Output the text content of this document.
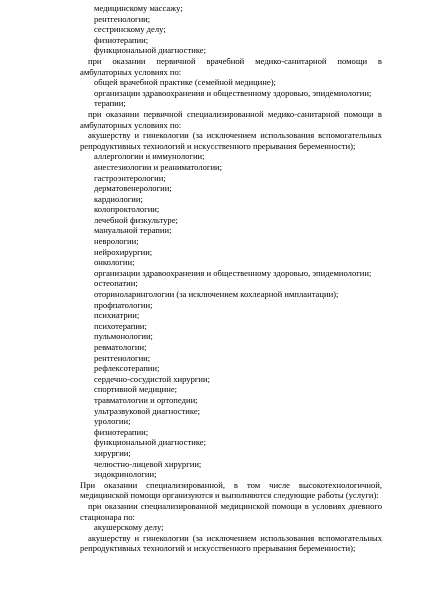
медицинскому массажу;
рентгенологии;
сестринскому делу;
физиотерапии;
функциональной диагностике;
при оказании первичной врачебной медико-санитарной помощи в амбулаторных условиях по:
общей врачебной практике (семейной медицине);
организации здравоохранения и общественному здоровью, эпидемиологии;
терапии;
при оказании первичной специализированной медико-санитарной помощи в амбулаторных условиях по:
акушерству и гинекологии (за исключением использования вспомогательных репродуктивных технологий и искусственного прерывания беременности);
аллергологии и иммунологии;
анестезиологии и реаниматологии;
гастроэнтерологии;
дерматовенерологии;
кардиологии;
колопроктологии;
лечебной физкультуре;
мануальной терапии;
неврологии;
нейрохирургии;
онкологии;
организации здравоохранения и общественному здоровью, эпидемиологии;
остеопатии;
оториноларингологии (за исключением кохлеарной имплантации);
профпатологии;
психиатрии;
психотерапии;
пульмонологии;
ревматологии;
рентгенологии;
рефлексотерапии;
сердечно-сосудистой хирургии;
спортивной медицине;
травматологии и ортопедии;
ультразвуковой диагностике;
урологии;
физиотерапии;
функциональной диагностике;
хирургии;
челюстно-лицевой хирургии;
эндокринологии;
При оказании специализированной, в том числе высокотехнологичной, медицинской помощи организуются и выполняются следующие работы (услуги):
при оказании специализированной медицинской помощи в условиях дневного стационара по:
акушерскому делу;
акушерству и гинекологии (за исключением использования вспомогательных репродуктивных технологий и искусственного прерывания беременности);
